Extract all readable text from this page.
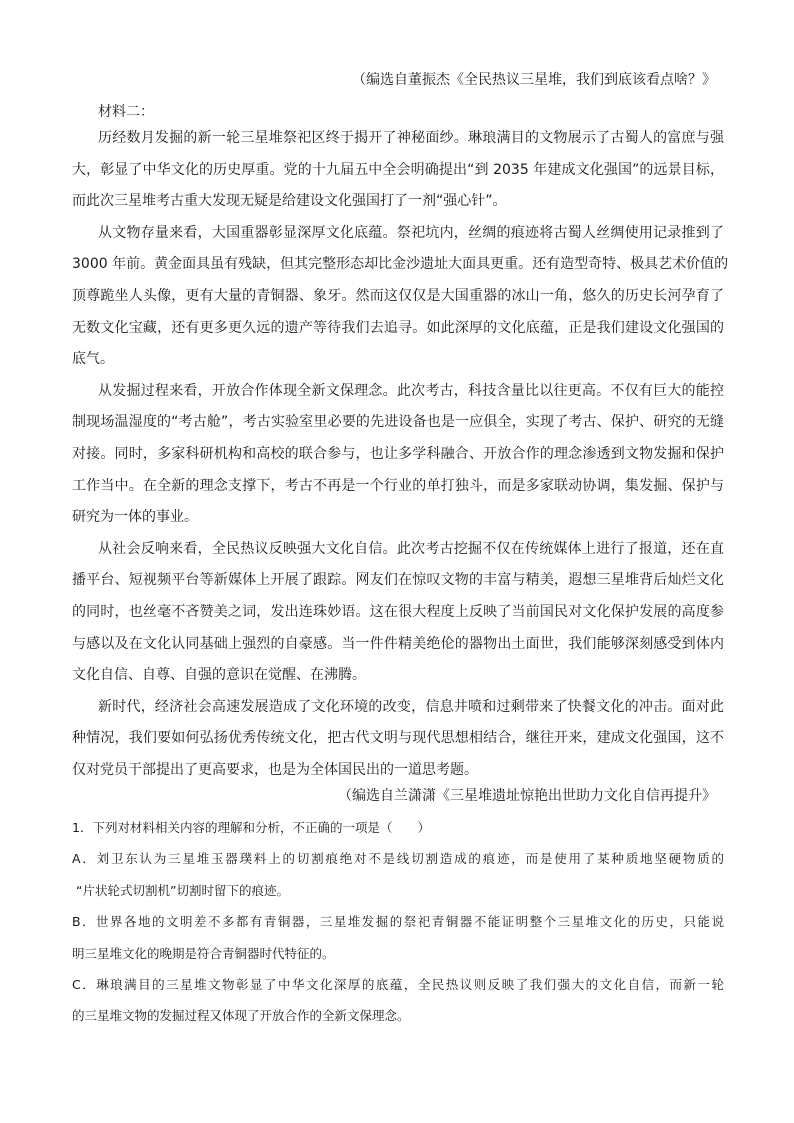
（编选自董振杰《全民热议三星堆，我们到底该看点啥？》
材料二：
历经数月发掘的新一轮三星堆祭祀区终于揭开了神秘面纱。琳琅满目的文物展示了古蜀人的富庶与强
大，彰显了中华文化的历史厚重。党的十九届五中全会明确提出“到 2035 年建成文化强国”的远景目标，
而此次三星堆考古重大发现无疑是给建设文化强国打了一剂“强心针”。
从文物存量来看，大国重器彰显深厚文化底蕴。祭祀坑内，丝绸的痕迹将古蜀人丝绸使用记录推到了
3000 年前。黄金面具虽有残缺，但其完整形态却比金沙遗址大面具更重。还有造型奇特、极具艺术价值的
顶尊跪坐人头像，更有大量的青铜器、象牙。然而这仅仅是大国重器的冰山一角，悠久的历史长河孕育了
无数文化宝藏，还有更多更久远的遗产等待我们去追寻。如此深厚的文化底蕴，正是我们建设文化强国的
底气。
从发掘过程来看，开放合作体现全新文保理念。此次考古，科技含量比以往更高。不仅有巨大的能控
制现场温湿度的“考古舱”，考古实验室里必要的先进设备也是一应俱全，实现了考古、保护、研究的无缝
对接。同时，多家科研机构和高校的联合参与，也让多学科融合、开放合作的理念渗透到文物发掘和保护
工作当中。在全新的理念支撑下，考古不再是一个行业的单打独斗，而是多家联动协调，集发掘、保护与
研究为一体的事业。
从社会反响来看，全民热议反映强大文化自信。此次考古挖掘不仅在传统媒体上进行了报道，还在直
播平台、短视频平台等新媒体上开展了跟踪。网友们在惊叹文物的丰富与精美，遐想三星堆背后灿烂文化
的同时，也丝毫不吝赞美之词，发出连珠妙语。这在很大程度上反映了当前国民对文化保护发展的高度参
与感以及在文化认同基础上强烈的自豪感。当一件件精美绝伦的器物出土面世，我们能够深刻感受到体内
文化自信、自尊、自强的意识在觉醒、在沸腾。
新时代，经济社会高速发展造成了文化环境的改变，信息井喷和过剩带来了快餐文化的冲击。面对此
种情况，我们要如何弘扬优秀传统文化，把古代文明与现代思想相结合，继往开来，建成文化强国，这不
仅对党员干部提出了更高要求，也是为全体国民出的一道思考题。
（编选自兰潇潇《三星堆遗址惊艳出世助力文化自信再提升》
1．下列对材料相关内容的理解和分析，不正确的一项是（　　）
A．刘卫东认为三星堆玉器璞料上的切割痕绝对不是线切割造成的痕迹，而是使用了某种质地坚硬物质的
“片状轮式切割机”切割时留下的痕迹。
B．世界各地的文明差不多都有青铜器，三星堆发掘的祭祀青铜器不能证明整个三星堆文化的历史，只能说
明三星堆文化的晚期是符合青铜器时代特征的。
C．琳琅满目的三星堆文物彰显了中华文化深厚的底蕴，全民热议则反映了我们强大的文化自信，而新一轮
的三星堆文物的发掘过程又体现了开放合作的全新文保理念。
